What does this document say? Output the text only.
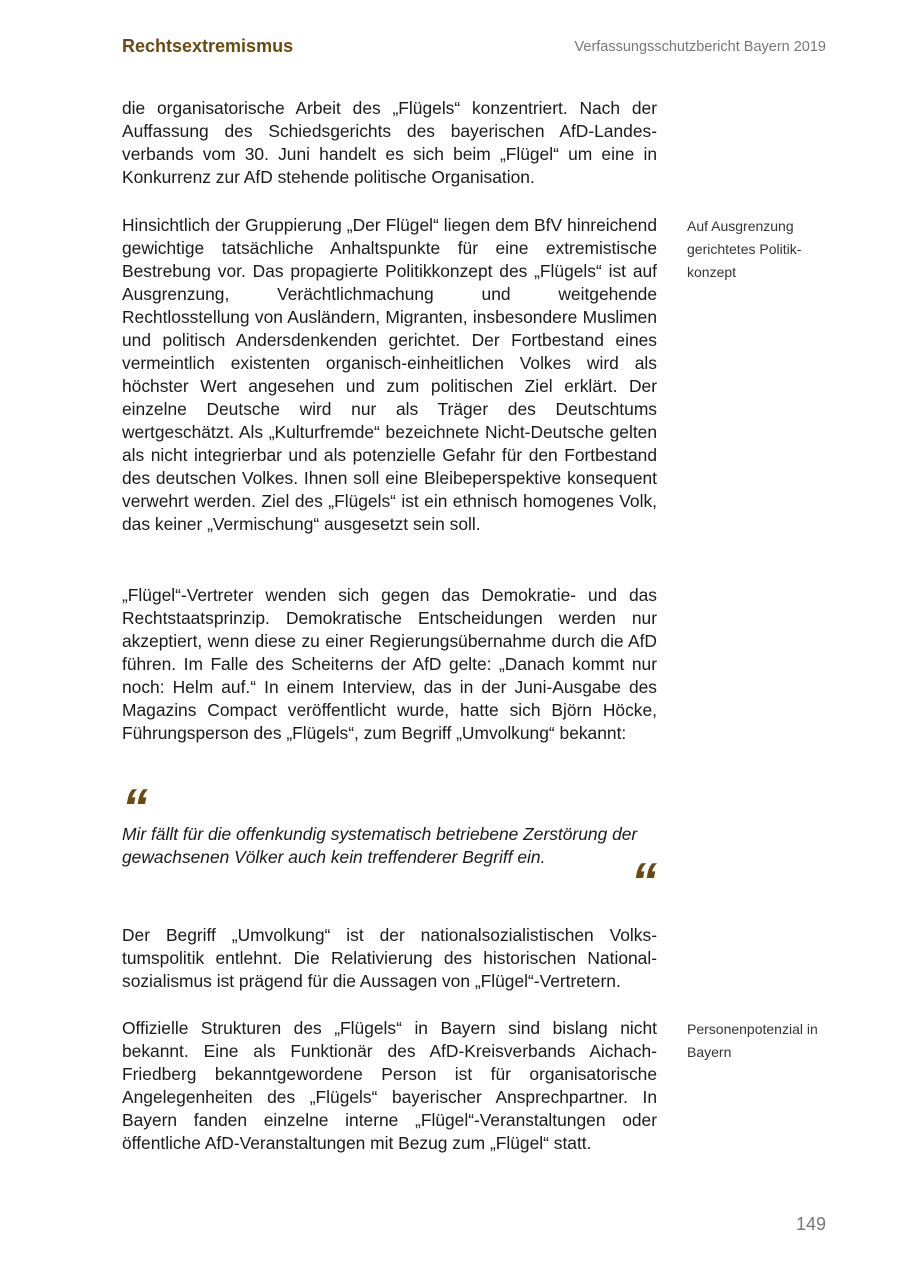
Rechtsextremismus	Verfassungsschutzbericht Bayern 2019

die organisatorische Arbeit des „Flügels“ konzentriert. Nach der Auffassung des Schiedsgerichts des bayerischen AfD-Landesverbands vom 30. Juni handelt es sich beim „Flügel“ um eine in Konkurrenz zur AfD stehende politische Organisation.

Hinsichtlich der Gruppierung „Der Flügel“ liegen dem BfV hinreichend gewichtige tatsächliche Anhaltspunkte für eine extremistische Bestrebung vor. Das propagierte Politikkonzept des „Flügels“ ist auf Ausgrenzung, Verächtlichmachung und weitgehende Rechtlosstellung von Ausländern, Migranten, insbesondere Muslimen und politisch Andersdenkenden gerichtet. Der Fortbestand eines vermeintlich existenten organisch-einheitlichen Volkes wird als höchster Wert angesehen und zum politischen Ziel erklärt. Der einzelne Deutsche wird nur als Träger des Deutschtums wertgeschätzt. Als „Kulturfremde“ bezeichnete Nicht-Deutsche gelten als nicht integrierbar und als potenzielle Gefahr für den Fortbestand des deutschen Volkes. Ihnen soll eine Bleibeperspektive konsequent verwehrt werden. Ziel des „Flügels“ ist ein ethnisch homogenes Volk, das keiner „Vermischung“ ausgesetzt sein soll.

Auf Ausgrenzung gerichtetes Politikkonzept

„Flügel“-Vertreter wenden sich gegen das Demokratie- und das Rechtstaatsprinzip. Demokratische Entscheidungen werden nur akzeptiert, wenn diese zu einer Regierungsübernahme durch die AfD führen. Im Falle des Scheiterns der AfD gelte: „Danach kommt nur noch: Helm auf.“ In einem Interview, das in der Juni-Ausgabe des Magazins Compact veröffentlicht wurde, hatte sich Björn Höcke, Führungsperson des „Flügels“, zum Begriff „Umvolkung“ bekannt:

“

Mir fällt für die offenkundig systematisch betriebene Zerstörung der gewachsenen Völker auch kein treffenderer Begriff ein.	“

Der Begriff „Umvolkung“ ist der nationalsozialistischen Volkstumspolitik entlehnt. Die Relativierung des historischen Nationalsozialismus ist prägend für die Aussagen von „Flügel“-Vertretern.

Offizielle Strukturen des „Flügels“ in Bayern sind bislang nicht bekannt. Eine als Funktionär des AfD-Kreisverbands Aichach-Friedberg bekanntgewordene Person ist für organisatorische Angelegenheiten des „Flügels“ bayerischer Ansprechpartner. In Bayern fanden einzelne interne „Flügel“-Veranstaltungen oder öffentliche AfD-Veranstaltungen mit Bezug zum „Flügel“ statt.

Personenpotenzial in Bayern
149
